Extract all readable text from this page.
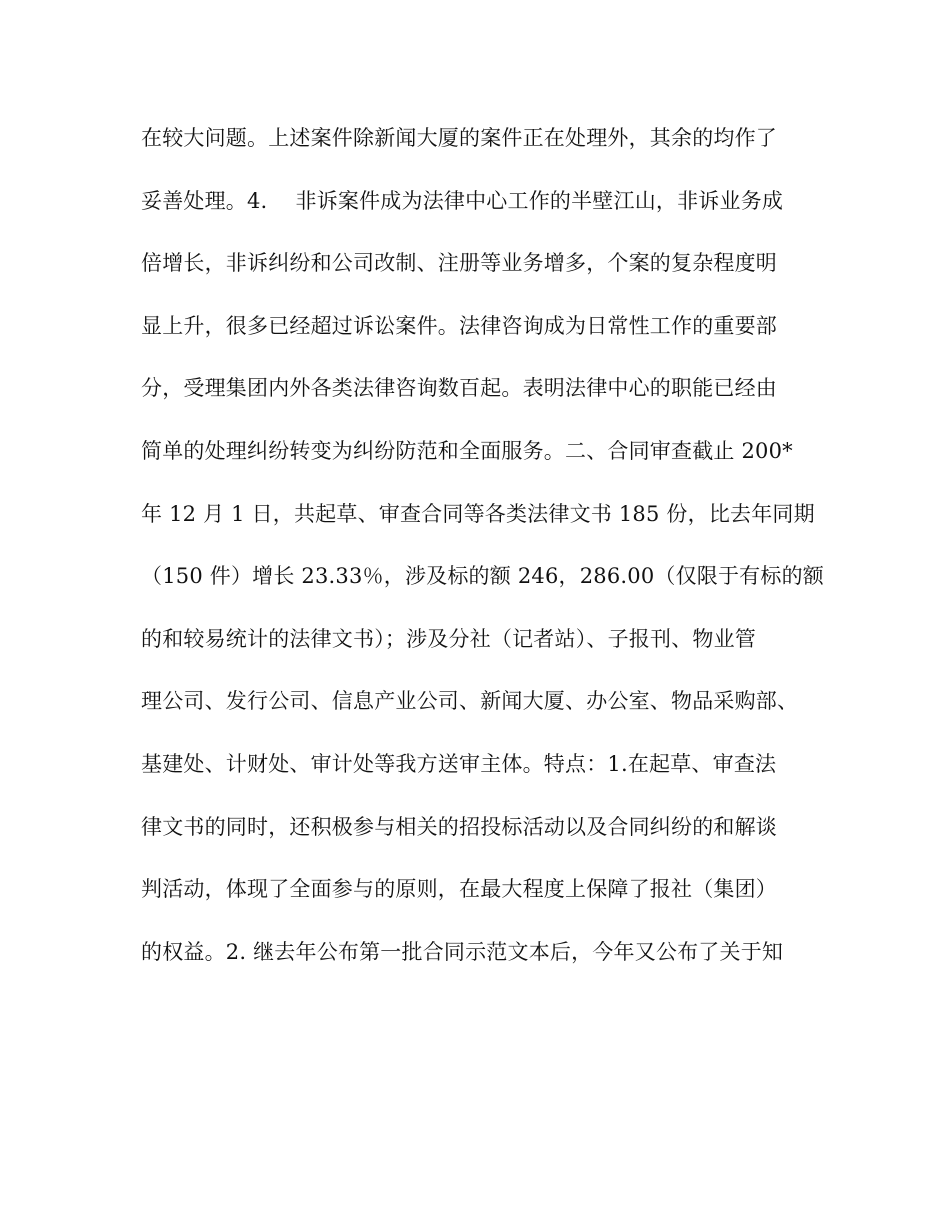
在较大问题。上述案件除新闻大厦的案件正在处理外，其余的均作了
妥善处理。4.　 非诉案件成为法律中心工作的半壁江山，非诉业务成
倍增长，非诉纠纷和公司改制、注册等业务增多，个案的复杂程度明
显上升，很多已经超过诉讼案件。法律咨询成为日常性工作的重要部
分，受理集团内外各类法律咨询数百起。表明法律中心的职能已经由
简单的处理纠纷转变为纠纷防范和全面服务。二、合同审查截止 200*
年 12 月 1 日，共起草、审查合同等各类法律文书 185 份，比去年同期
（150 件）增长 23.33％，涉及标的额 246，286.00（仅限于有标的额
的和较易统计的法律文书）；涉及分社（记者站）、子报刊、物业管
理公司、发行公司、信息产业公司、新闻大厦、办公室、物品采购部、
基建处、计财处、审计处等我方送审主体。特点：1.在起草、审查法
律文书的同时，还积极参与相关的招投标活动以及合同纠纷的和解谈
判活动，体现了全面参与的原则，在最大程度上保障了报社（集团）
的权益。2. 继去年公布第一批合同示范文本后，今年又公布了关于知
